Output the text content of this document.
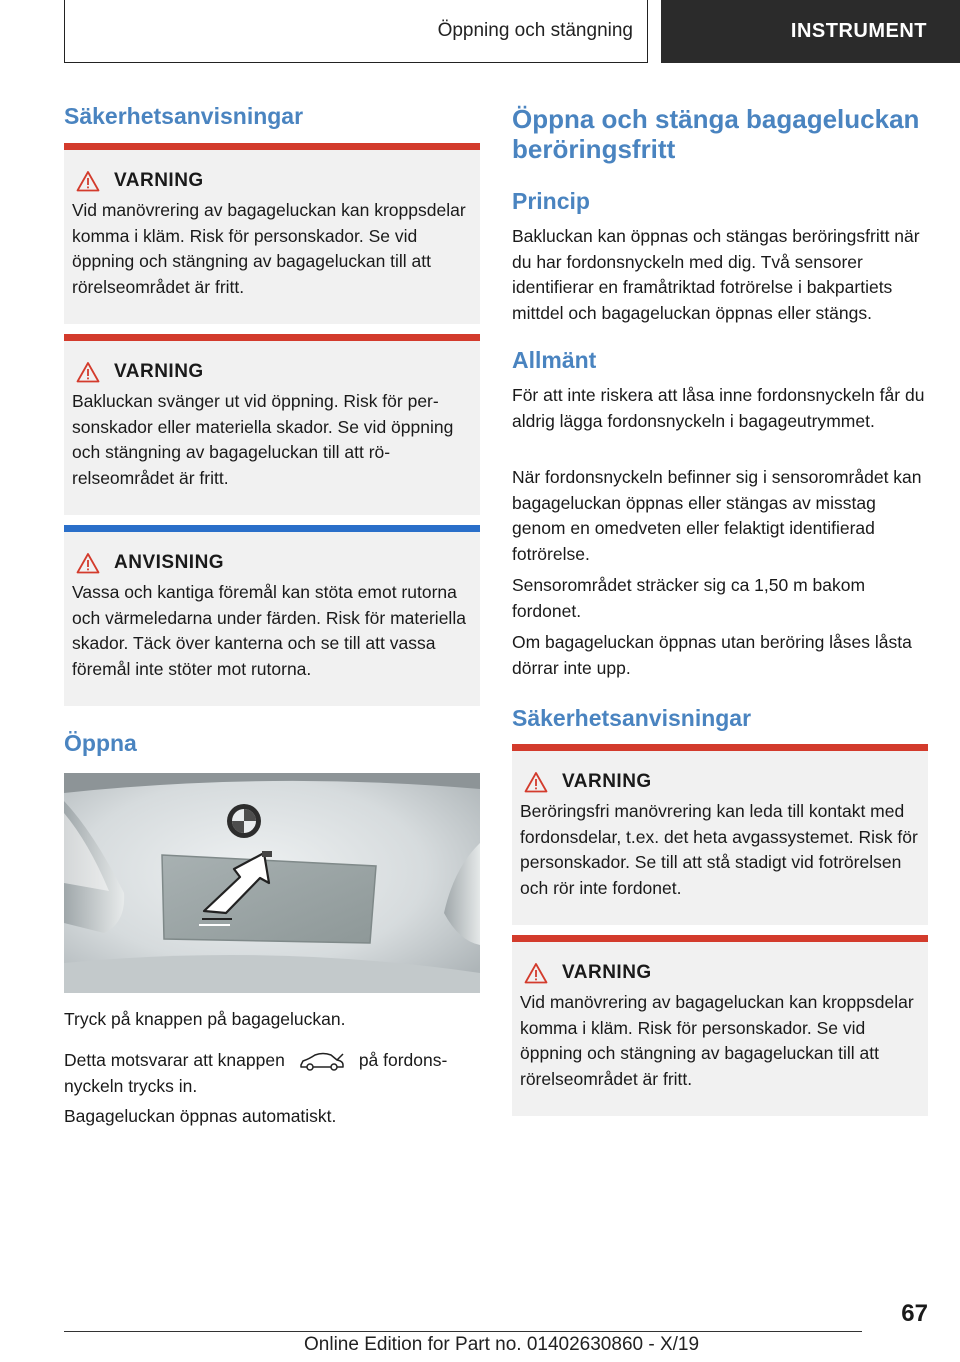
Öppning och stängning	INSTRUMENT
Säkerhetsanvisningar
VARNING
Vid manövrering av bagageluckan kan kroppsdelar komma i kläm. Risk för personskador. Se vid öppning och stängning av bagageluckan till att rörelseområdet är fritt.
VARNING
Bakluckan svänger ut vid öppning. Risk för personskador eller materiella skador. Se vid öppning och stängning av bagageluckan till att rörelseområdet är fritt.
ANVISNING
Vassa och kantiga föremål kan stöta emot rutorna och värmeledarna under färden. Risk för materiella skador. Täck över kanterna och se till att vassa föremål inte stöter mot rutorna.
Öppna

Tryck på knappen på bagageluckan.

Detta motsvarar att knappen	på fordonsnyckeln trycks in.

Bagageluckan öppnas automatiskt.

Öppna och stänga bagageluckan beröringsfritt
Princip

Bakluckan kan öppnas och stängas beröringsfritt när du har fordonsnyckeln med dig. Två sensorer identifierar en framåtriktad fotrörelse i bakpartiets mittdel och bagageluckan öppnas eller stängs.

Allmänt

För att inte riskera att låsa inne fordonsnyckeln får du aldrig lägga fordonsnyckeln i bagageutrymmet.

När fordonsnyckeln befinner sig i sensorområdet kan bagageluckan öppnas eller stängas av misstag genom en omedveten eller felaktigt identifierad fotrörelse.

Sensorområdet sträcker sig ca 1,50 m bakom fordonet.

Om bagageluckan öppnas utan beröring låses låsta dörrar inte upp.

Säkerhetsanvisningar
VARNING
Beröringsfri manövrering kan leda till kontakt med fordonsdelar, t.ex. det heta avgassystemet. Risk för personskador. Se till att stå stadigt vid fotrörelsen och rör inte fordonet.
VARNING
Vid manövrering av bagageluckan kan kroppsdelar komma i kläm. Risk för personskador. Se vid öppning och stängning av bagageluckan till att rörelseområdet är fritt.
67
Online Edition for Part no. 01402630860 - X/19
